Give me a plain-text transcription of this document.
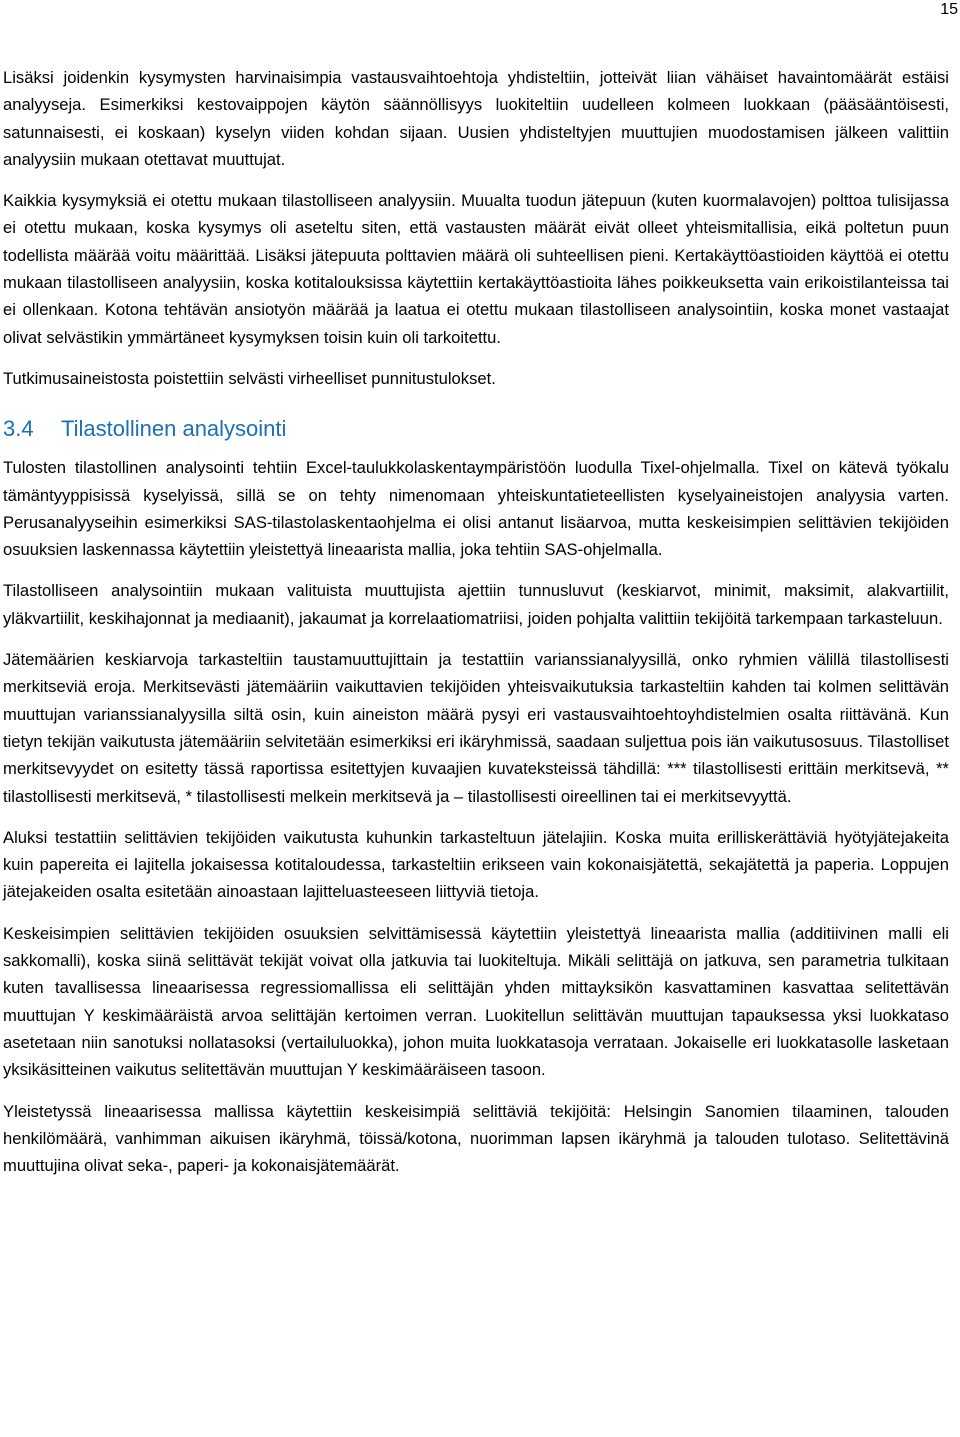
15

Lisäksi joidenkin kysymysten harvinaisimpia vastausvaihtoehtoja yhdisteltiin, jotteivät liian vähäiset havaintomäärät estäisi analyyseja. Esimerkiksi kestovaippojen käytön säännöllisyys luokiteltiin uudelleen kolmeen luokkaan (pääsääntöisesti, satunnaisesti, ei koskaan) kyselyn viiden kohdan sijaan. Uusien yhdisteltyjen muuttujien muodostamisen jälkeen valittiin analyysiin mukaan otettavat muuttujat.

Kaikkia kysymyksiä ei otettu mukaan tilastolliseen analyysiin. Muualta tuodun jätepuun (kuten kuormalavojen) polttoa tulisijassa ei otettu mukaan, koska kysymys oli aseteltu siten, että vastausten määrät eivät olleet yhteismitallisia, eikä poltetun puun todellista määrää voitu määrittää. Lisäksi jätepuuta polttavien määrä oli suhteellisen pieni. Kertakäyttöastioiden käyttöä ei otettu mukaan tilastolliseen analyysiin, koska kotitalouksissa käytettiin kertakäyttöastioita lähes poikkeuksetta vain erikoistilanteissa tai ei ollenkaan. Kotona tehtävän ansiotyön määrää ja laatua ei otettu mukaan tilastolliseen analysointiin, koska monet vastaajat olivat selvästikin ymmärtäneet kysymyksen toisin kuin oli tarkoitettu.

Tutkimusaineistosta poistettiin selvästi virheelliset punnitustulokset.

3.4 Tilastollinen analysointi

Tulosten tilastollinen analysointi tehtiin Excel-taulukkolaskentaympäristöön luodulla Tixel-ohjelmalla. Tixel on kätevä työkalu tämäntyyppisissä kyselyissä, sillä se on tehty nimenomaan yhteiskuntatieteellisten kyselyaineistojen analyysia varten. Perusanalyyseihin esimerkiksi SAS-tilastolaskentaohjelma ei olisi antanut lisäarvoa, mutta keskeisimpien selittävien tekijöiden osuuksien laskennassa käytettiin yleistettyä lineaarista mallia, joka tehtiin SAS-ohjelmalla.

Tilastolliseen analysointiin mukaan valituista muuttujista ajettiin tunnusluvut (keskiarvot, minimit, maksimit, alakvartiilit, yläkvartiilit, keskihajonnat ja mediaanit), jakaumat ja korrelaatiomatriisi, joiden pohjalta valittiin tekijöitä tarkempaan tarkasteluun.

Jätemäärien keskiarvoja tarkasteltiin taustamuuttujittain ja testattiin varianssianalyysillä, onko ryhmien välillä tilastollisesti merkitseviä eroja. Merkitsevästi jätemääriin vaikuttavien tekijöiden yhteisvaikutuksia tarkasteltiin kahden tai kolmen selittävän muuttujan varianssianalyysilla siltä osin, kuin aineiston määrä pysyi eri vastausvaihtoehtoyhdistelmien osalta riittävänä. Kun tietyn tekijän vaikutusta jätemääriin selvitetään esimerkiksi eri ikäryhmissä, saadaan suljettua pois iän vaikutusosuus. Tilastolliset merkitsevyydet on esitetty tässä raportissa esitettyjen kuvaajien kuvateksteissä tähdillä: *** tilastollisesti erittäin merkitsevä, ** tilastollisesti merkitsevä, * tilastollisesti melkein merkitsevä ja – tilastollisesti oireellinen tai ei merkitsevyyttä.

Aluksi testattiin selittävien tekijöiden vaikutusta kuhunkin tarkasteltuun jätelajiin. Koska muita erilliskerättäviä hyötyjätejakeita kuin papereita ei lajitella jokaisessa kotitaloudessa, tarkasteltiin erikseen vain kokonaisjätettä, sekajätettä ja paperia. Loppujen jätejakeiden osalta esitetään ainoastaan lajitteluasteeseen liittyviä tietoja.

Keskeisimpien selittävien tekijöiden osuuksien selvittämisessä käytettiin yleistettyä lineaarista mallia (additiivinen malli eli sakkomalli), koska siinä selittävät tekijät voivat olla jatkuvia tai luokiteltuja. Mikäli selittäjä on jatkuva, sen parametria tulkitaan kuten tavallisessa lineaarisessa regressiomallissa eli selittäjän yhden mittayksikön kasvattaminen kasvattaa selitettävän muuttujan Y keskimääräistä arvoa selittäjän kertoimen verran. Luokitellun selittävän muuttujan tapauksessa yksi luokkataso asetetaan niin sanotuksi nollatasoksi (vertailuluokka), johon muita luokkatasoja verrataan. Jokaiselle eri luokkatasolle lasketaan yksikäsitteinen vaikutus selitettävän muuttujan Y keskimääräiseen tasoon.

Yleistetyssä lineaarisessa mallissa käytettiin keskeisimpiä selittäviä tekijöitä: Helsingin Sanomien tilaaminen, talouden henkilömäärä, vanhimman aikuisen ikäryhmä, töissä/kotona, nuorimman lapsen ikäryhmä ja talouden tulotaso. Selitettävinä muuttujina olivat seka-, paperi- ja kokonaisjätemäärät.
